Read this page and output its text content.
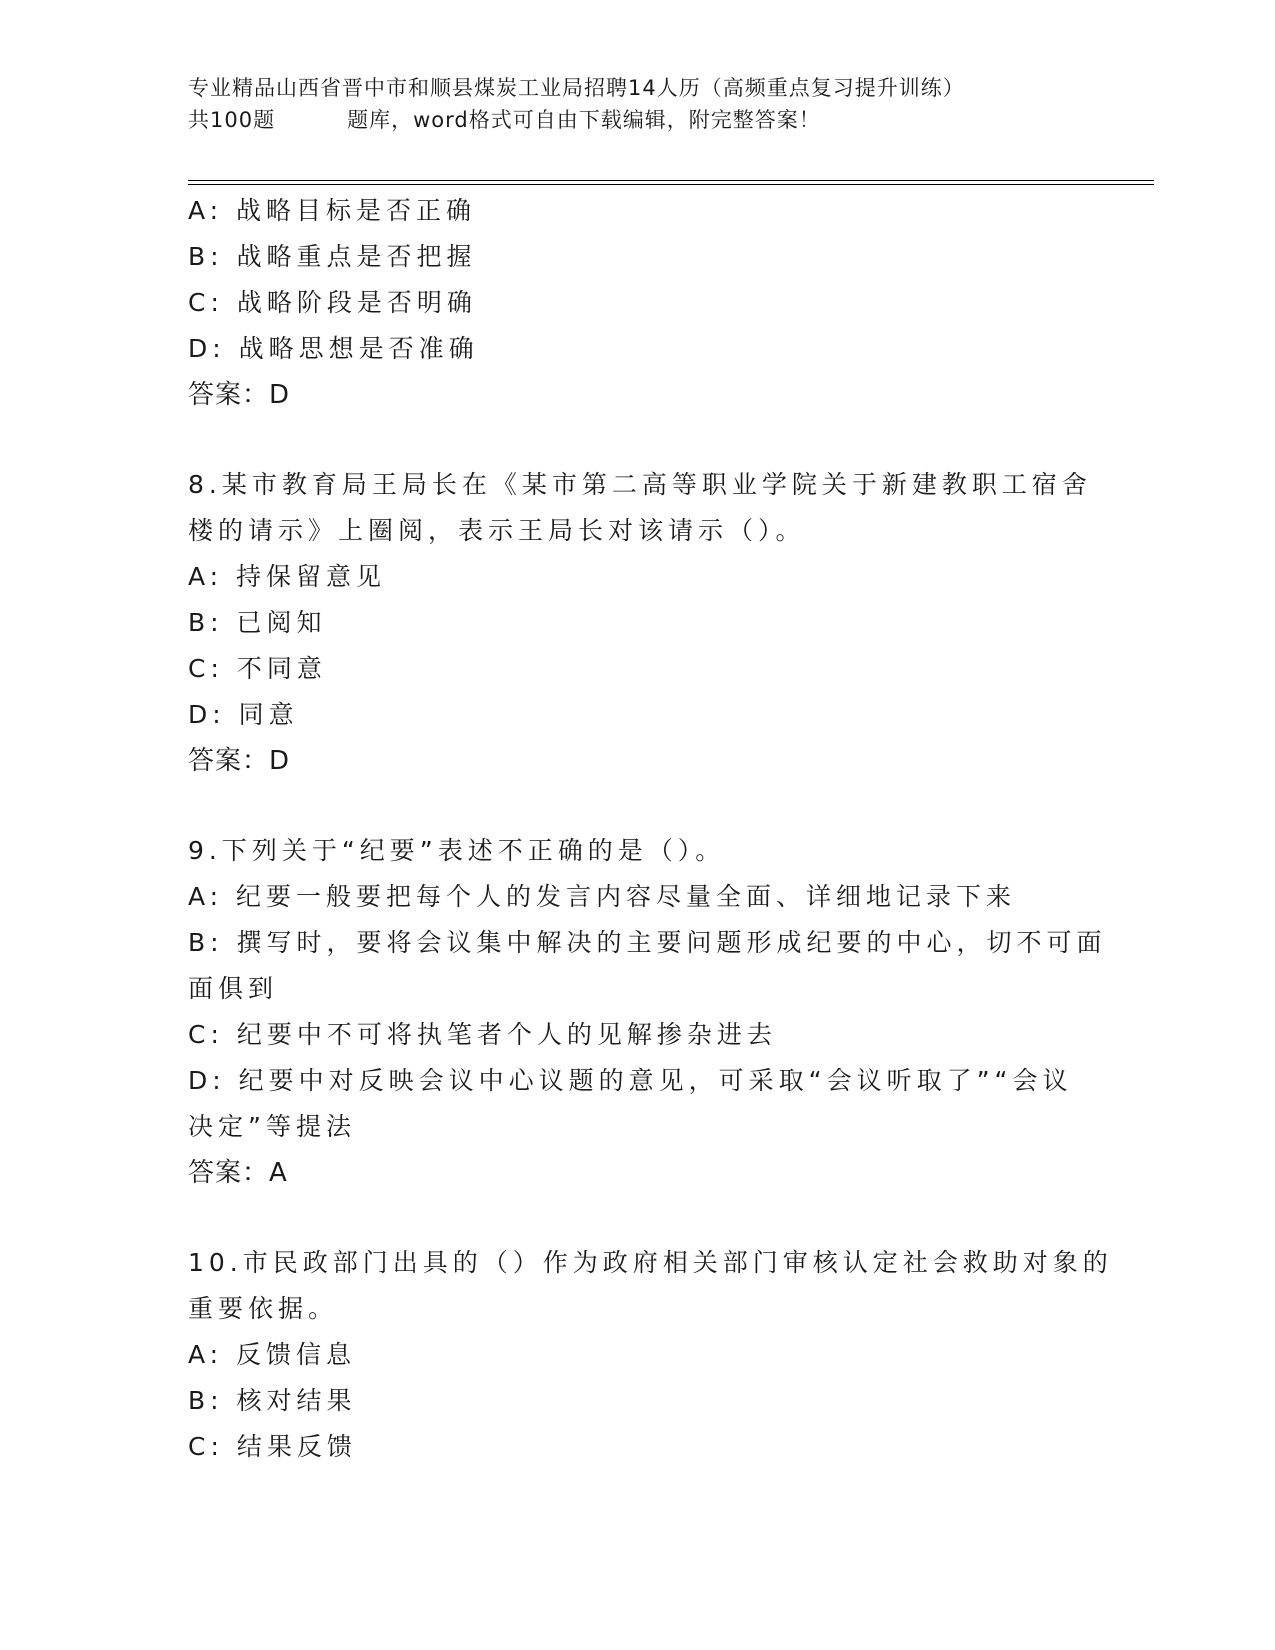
专业精品山西省晋中市和顺县煤炭工业局招聘14人历（高频重点复习提升训练）
共100题	题库，word格式可自由下载编辑，附完整答案！
A: 战略目标是否正确
B: 战略重点是否把握
C: 战略阶段是否明确
D: 战略思想是否准确
答案：D
8.某市教育局王局长在《某市第二高等职业学院关于新建教职工宿舍
楼的请示》上圈阅，表示王局长对该请示（）。
A: 持保留意见
B: 已阅知
C: 不同意
D: 同意
答案：D
9.下列关于“纪要”表述不正确的是（）。
A: 纪要一般要把每个人的发言内容尽量全面、详细地记录下来
B: 撰写时，要将会议集中解决的主要问题形成纪要的中心，切不可面
面俱到
C: 纪要中不可将执笔者个人的见解掺杂进去
D: 纪要中对反映会议中心议题的意见，可采取“会议听取了”“会议
决定”等提法
答案：A
10.市民政部门出具的（）作为政府相关部门审核认定社会救助对象的
重要依据。
A: 反馈信息
B: 核对结果
C: 结果反馈
